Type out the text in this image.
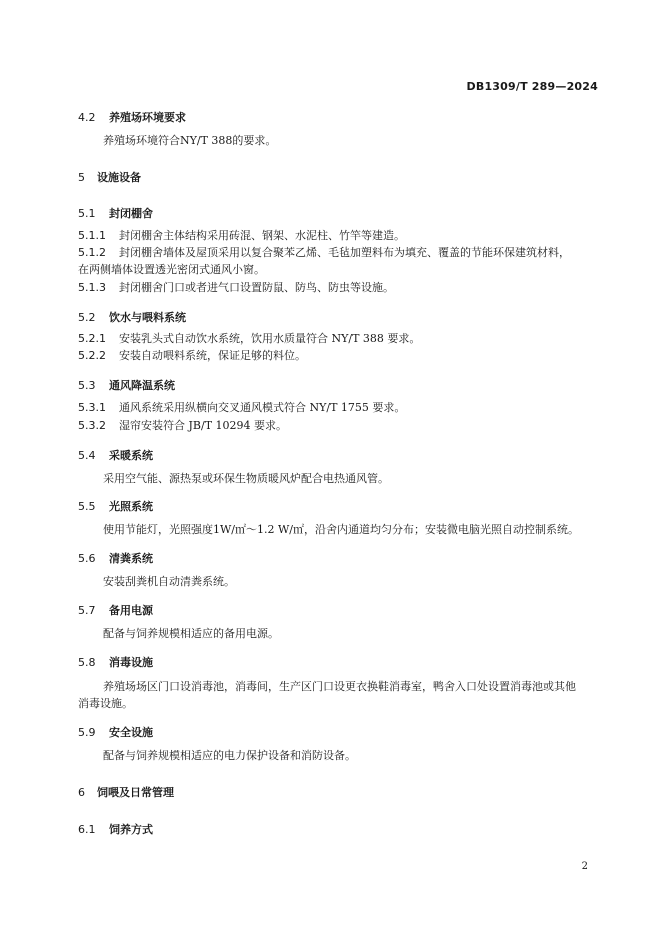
DB1309/T 289—2024
4.2 养殖场环境要求
养殖场环境符合NY/T 388的要求。
5 设施设备
5.1 封闭棚舍
5.1.1 封闭棚舍主体结构采用砖混、钢架、水泥柱、竹竿等建造。
5.1.2 封闭棚舍墙体及屋顶采用以复合聚苯乙烯、毛毡加塑料布为填充、覆盖的节能环保建筑材料，
在两侧墙体设置透光密闭式通风小窗。
5.1.3 封闭棚舍门口或者进气口设置防鼠、防鸟、防虫等设施。
5.2 饮水与喂料系统
5.2.1 安装乳头式自动饮水系统，饮用水质量符合 NY/T 388 要求。
5.2.2 安装自动喂料系统，保证足够的料位。
5.3 通风降温系统
5.3.1 通风系统采用纵横向交叉通风模式符合 NY/T 1755 要求。
5.3.2 湿帘安装符合 JB/T 10294 要求。
5.4 采暖系统
采用空气能、源热泵或环保生物质暖风炉配合电热通风管。
5.5 光照系统
使用节能灯，光照强度1W/㎡～1.2 W/㎡，沿舍内通道均匀分布；安装微电脑光照自动控制系统。
5.6 清粪系统
安装刮粪机自动清粪系统。
5.7 备用电源
配备与饲养规模相适应的备用电源。
5.8 消毒设施
养殖场场区门口设消毒池，消毒间，生产区门口设更衣换鞋消毒室，鸭舍入口处设置消毒池或其他
消毒设施。
5.9 安全设施
配备与饲养规模相适应的电力保护设备和消防设备。
6 饲喂及日常管理
6.1 饲养方式
2
